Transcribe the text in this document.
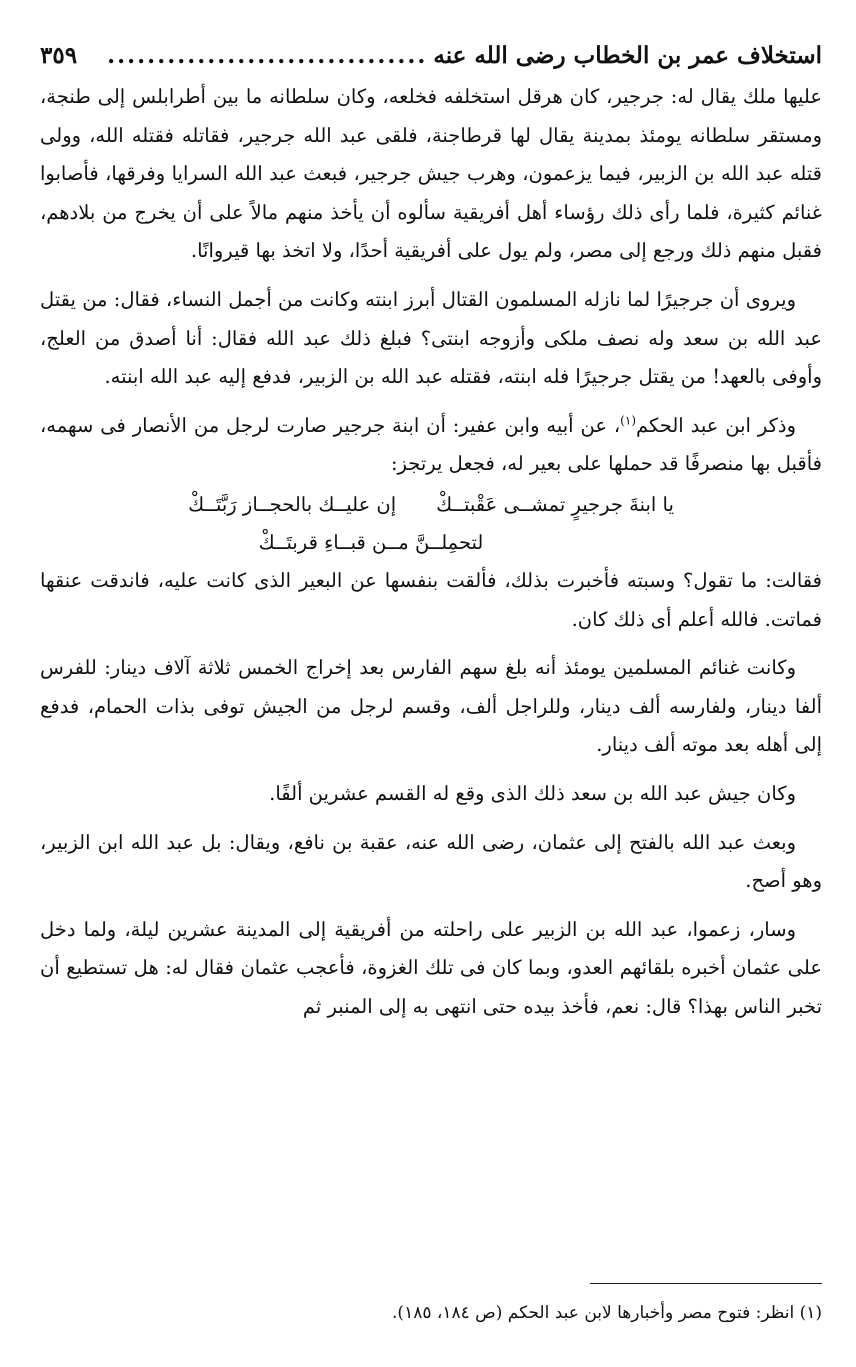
استخلاف عمر بن الخطاب رضى الله عنه
................................
٣٥٩

عليها ملك يقال له: جرجير، كان هرقل استخلفه فخلعه، وكان سلطانه ما بين أطرابلس إلى طنجة، ومستقر سلطانه يومئذ بمدينة يقال لها قرطاجنة، فلقى عبد الله جرجير، فقاتله فقتله الله، وولى قتله عبد الله بن الزبير، فيما يزعمون، وهرب جيش جرجير، فبعث عبد الله السرايا وفرقها، فأصابوا غنائم كثيرة، فلما رأى ذلك رؤساء أهل أفريقية سألوه أن يأخذ منهم مالاً على أن يخرج من بلادهم، فقبل منهم ذلك ورجع إلى مصر، ولم يول على أفريقية أحدًا، ولا اتخذ بها قيروانًا.

ويروى أن جرجيرًا لما نازله المسلمون القتال أبرز ابنته وكانت من أجمل النساء، فقال: من يقتل عبد الله بن سعد وله نصف ملكى وأزوجه ابنتى؟ فبلغ ذلك عبد الله فقال: أنا أصدق من العلج، وأوفى بالعهد! من يقتل جرجيرًا فله ابنته، فقتله عبد الله بن الزبير، فدفع إليه عبد الله ابنته.

وذكر ابن عبد الحكم$^{(١)}$، عن أبيه وابن عفير: أن ابنة جرجير صارت لرجل من الأنصار فى سهمه، فأقبل بها منصرفًا قد حملها على بعير له، فجعل يرتجز:

يا ابنةَ جرجيرٍ تمشــى عَقْبتــكْ
إن عليــك بالحجــاز رَبَّتَــكْ
لتحمِلــنَّ مــن قبــاءِ قربتَــكْ

فقالت: ما تقول؟ وسبته فأخبرت بذلك، فألقت بنفسها عن البعير الذى كانت عليه، فاندقت عنقها فماتت. فالله أعلم أى ذلك كان.

وكانت غنائم المسلمين يومئذ أنه بلغ سهم الفارس بعد إخراج الخمس ثلاثة آلاف دينار: للفرس ألفا دينار، ولفارسه ألف دينار، وللراجل ألف، وقسم لرجل من الجيش توفى بذات الحمام، فدفع إلى أهله بعد موته ألف دينار.

وكان جيش عبد الله بن سعد ذلك الذى وقع له القسم عشرين ألفًا.

وبعث عبد الله بالفتح إلى عثمان، رضى الله عنه، عقبة بن نافع، ويقال: بل عبد الله ابن الزبير، وهو أصح.

وسار، زعموا، عبد الله بن الزبير على راحلته من أفريقية إلى المدينة عشرين ليلة، ولما دخل على عثمان أخبره بلقائهم العدو، وبما كان فى تلك الغزوة، فأعجب عثمان فقال له: هل تستطيع أن تخبر الناس بهذا؟ قال: نعم، فأخذ بيده حتى انتهى به إلى المنبر ثم

(١) انظر: فتوح مصر وأخبارها لابن عبد الحكم (ص ١٨٤، ١٨٥).
